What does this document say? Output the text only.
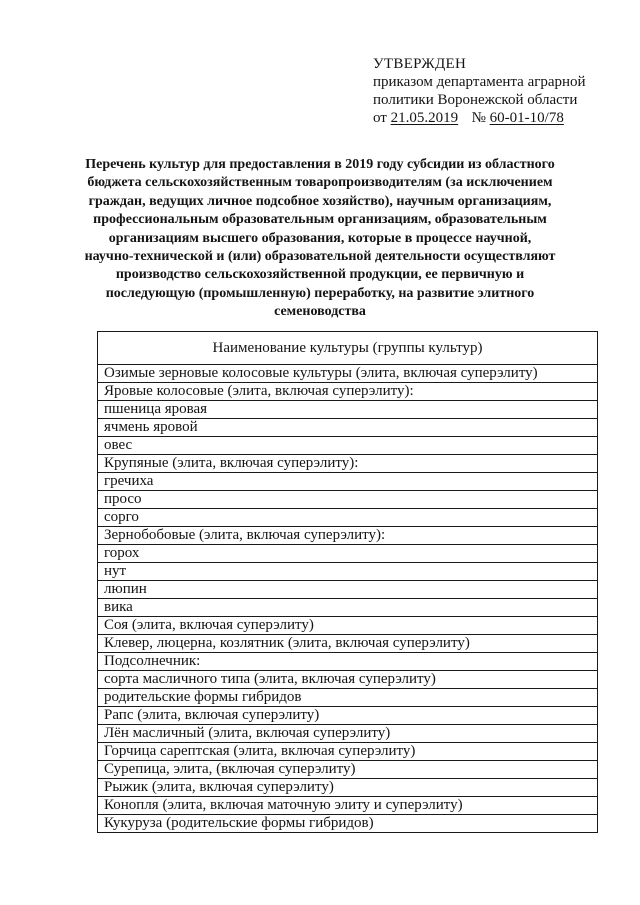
УТВЕРЖДЕН
приказом департамента аграрной
политики Воронежской области
от 21.05.2019 № 60-01-10/78
Перечень культур для предоставления в 2019 году субсидии из областного
бюджета сельскохозяйственным товаропроизводителям (за исключением
граждан, ведущих личное подсобное хозяйство), научным организациям,
профессиональным образовательным организациям, образовательным
организациям высшего образования, которые в процессе научной,
научно-технической и (или) образовательной деятельности осуществляют
производство сельскохозяйственной продукции, ее первичную и
последующую (промышленную) переработку, на развитие элитного
семеноводства
Наименование культуры (группы культур)
Озимые зерновые колосовые культуры (элита, включая суперэлиту)
Яровые колосовые (элита, включая суперэлиту):
пшеница яровая
ячмень яровой
овес
Крупяные (элита, включая суперэлиту):
гречиха
просо
сорго
Зернобобовые (элита, включая суперэлиту):
горох
нут
люпин
вика
Соя (элита, включая суперэлиту)
Клевер, люцерна, козлятник (элита, включая суперэлиту)
Подсолнечник:
сорта масличного типа (элита, включая суперэлиту)
родительские формы гибридов
Рапс (элита, включая суперэлиту)
Лён масличный (элита, включая суперэлиту)
Горчица сарептская (элита, включая суперэлиту)
Сурепица, элита, (включая суперэлиту)
Рыжик (элита, включая суперэлиту)
Конопля (элита, включая маточную элиту и суперэлиту)
Кукуруза (родительские формы гибридов)
